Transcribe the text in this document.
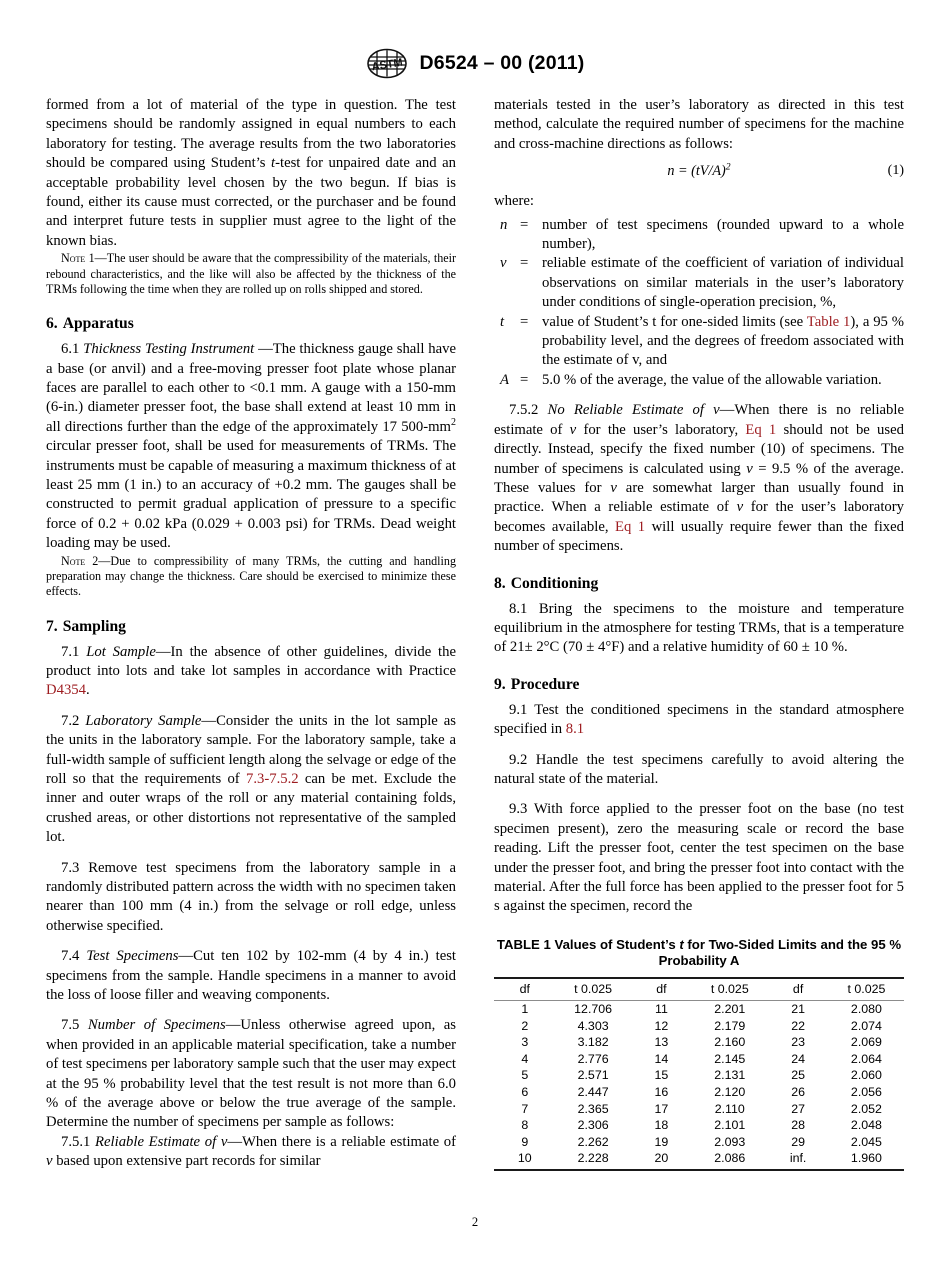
ASTM D6524 – 00 (2011)

formed from a lot of material of the type in question. The test specimens should be randomly assigned in equal numbers to each laboratory for testing. The average results from the two laboratories should be compared using Student’s t-test for unpaired date and an acceptable probability level chosen by the two begun. If bias is found, either its cause must corrected, or the purchaser and be found and interpret future tests in supplier must agree to the light of the known bias.

Note 1—The user should be aware that the compressibility of the materials, their rebound characteristics, and the like will also be affected by the thickness of the TRMs following the time when they are rolled up on rolls shipped and stored.

6. Apparatus

6.1 Thickness Testing Instrument —The thickness gauge shall have a base (or anvil) and a free-moving presser foot plate whose planar faces are parallel to each other to <0.1 mm. A gauge with a 150-mm (6-in.) diameter presser foot, the base shall extend at least 10 mm in all directions further than the edge of the approximately 17 $500-mm^2$ circular presser foot, shall be used for measurements of TRMs. The instruments must be capable of measuring a maximum thickness of at least 25 mm (1 in.) to an accuracy of +0.2 mm. The gauges shall be constructed to permit gradual application of pressure to a specific force of 0.2 + 0.02 kPa (0.029 + 0.003 psi) for TRMs. Dead weight loading may be used.

Note 2—Due to compressibility of many TRMs, the cutting and handling preparation may change the thickness. Care should be exercised to minimize these effects.

7. Sampling

7.1 Lot Sample—In the absence of other guidelines, divide the product into lots and take lot samples in accordance with Practice D4354.

7.2 Laboratory Sample—Consider the units in the lot sample as the units in the laboratory sample. For the laboratory sample, take a full-width sample of sufficient length along the selvage or edge of the roll so that the requirements of 7.3-7.5.2 can be met. Exclude the inner and outer wraps of the roll or any material containing folds, crushed areas, or other distortions not representative of the sampled lot.

7.3 Remove test specimens from the laboratory sample in a randomly distributed pattern across the width with no specimen taken nearer than 100 mm (4 in.) from the selvage or roll edge, unless otherwise specified.

7.4 Test Specimens—Cut ten 102 by 102-mm (4 by 4 in.) test specimens from the sample. Handle specimens in a manner to avoid the loss of loose filler and weaving components.

7.5 Number of Specimens—Unless otherwise agreed upon, as when provided in an applicable material specification, take a number of test specimens per laboratory sample such that the user may expect at the 95 % probability level that the test result is not more than 6.0 % of the average above or below the true average of the sample. Determine the number of specimens per sample as follows:

7.5.1 Reliable Estimate of v—When there is a reliable estimate of v based upon extensive part records for similar

materials tested in the user’s laboratory as directed in this test method, calculate the required number of specimens for the machine and cross-machine directions as follows:

$n = (tV/A)^2$	(1)

where:

n = number of test specimens (rounded upward to a whole number),
v = reliable estimate of the coefficient of variation of individual observations on similar materials in the user’s laboratory under conditions of single-operation precision, %,
t	= value of Student’s t for one-sided limits (see Table 1), a 95 % probability level, and the degrees of freedom associated with the estimate of v, and
A = 5.0 % of the average, the value of the allowable variation.

7.5.2 No Reliable Estimate of v—When there is no reliable estimate of v for the user’s laboratory, Eq 1 should not be used directly. Instead, specify the fixed number (10) of specimens. The number of specimens is calculated using v = 9.5 % of the average. These values for v are somewhat larger than usually found in practice. When a reliable estimate of v for the user’s laboratory becomes available, Eq 1 will usually require fewer than the fixed number of specimens.

8. Conditioning

8.1 Bring the specimens to the moisture and temperature equilibrium in the atmosphere for testing TRMs, that is a temperature of 21± 2°C (70 ± 4°F) and a relative humidity of 60 ± 10 %.

9. Procedure

9.1 Test the conditioned specimens in the standard atmosphere specified in 8.1

9.2 Handle the test specimens carefully to avoid altering the natural state of the material.

9.3 With force applied to the presser foot on the base (no test specimen present), zero the measuring scale or record the base reading. Lift the presser foot, center the test specimen on the base under the presser foot, and bring the presser foot into contact with the material. After the full force has been applied to the presser foot for 5 s against the specimen, record the

TABLE 1 Values of Student’s t for Two-Sided Limits and the 95 % Probability A
df	t 0.025	df	t 0.025	df	t 0.025
1	12.706	11	2.201	21	2.080
2	4.303	12	2.179	22	2.074
3	3.182	13	2.160	23	2.069
4	2.776	14	2.145	24	2.064
5	2.571	15	2.131	25	2.060
6	2.447	16	2.120	26	2.056
7	2.365	17	2.110	27	2.052
8	2.306	18	2.101	28	2.048
9	2.262	19	2.093	29	2.045
10	2.228	20	2.086	inf.	1.960
2
